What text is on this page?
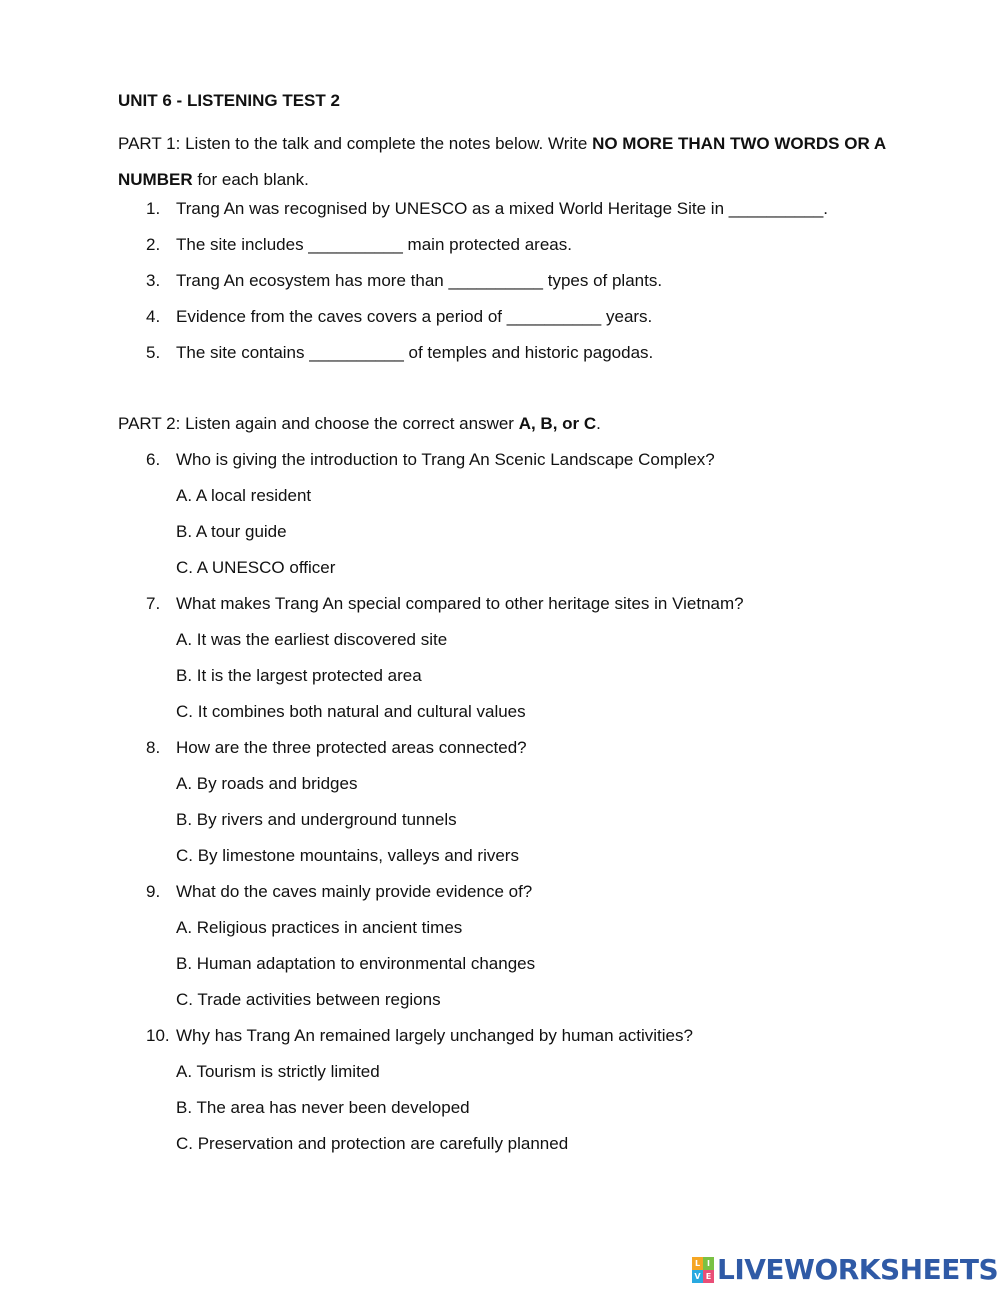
UNIT 6 - LISTENING TEST 2
PART 1: Listen to the talk and complete the notes below. Write NO MORE THAN TWO WORDS OR A NUMBER for each blank.
1. Trang An was recognised by UNESCO as a mixed World Heritage Site in __________.
2. The site includes __________ main protected areas.
3. Trang An ecosystem has more than __________ types of plants.
4. Evidence from the caves covers a period of __________ years.
5. The site contains __________ of temples and historic pagodas.
PART 2: Listen again and choose the correct answer A, B, or C.
6. Who is giving the introduction to Trang An Scenic Landscape Complex?
A. A local resident
B. A tour guide
C. A UNESCO officer
7. What makes Trang An special compared to other heritage sites in Vietnam?
A. It was the earliest discovered site
B. It is the largest protected area
C. It combines both natural and cultural values
8. How are the three protected areas connected?
A. By roads and bridges
B. By rivers and underground tunnels
C. By limestone mountains, valleys and rivers
9. What do the caves mainly provide evidence of?
A. Religious practices in ancient times
B. Human adaptation to environmental changes
C. Trade activities between regions
10. Why has Trang An remained largely unchanged by human activities?
A. Tourism is strictly limited
B. The area has never been developed
C. Preservation and protection are carefully planned
L I
V E LIVEWORKSHEETS
